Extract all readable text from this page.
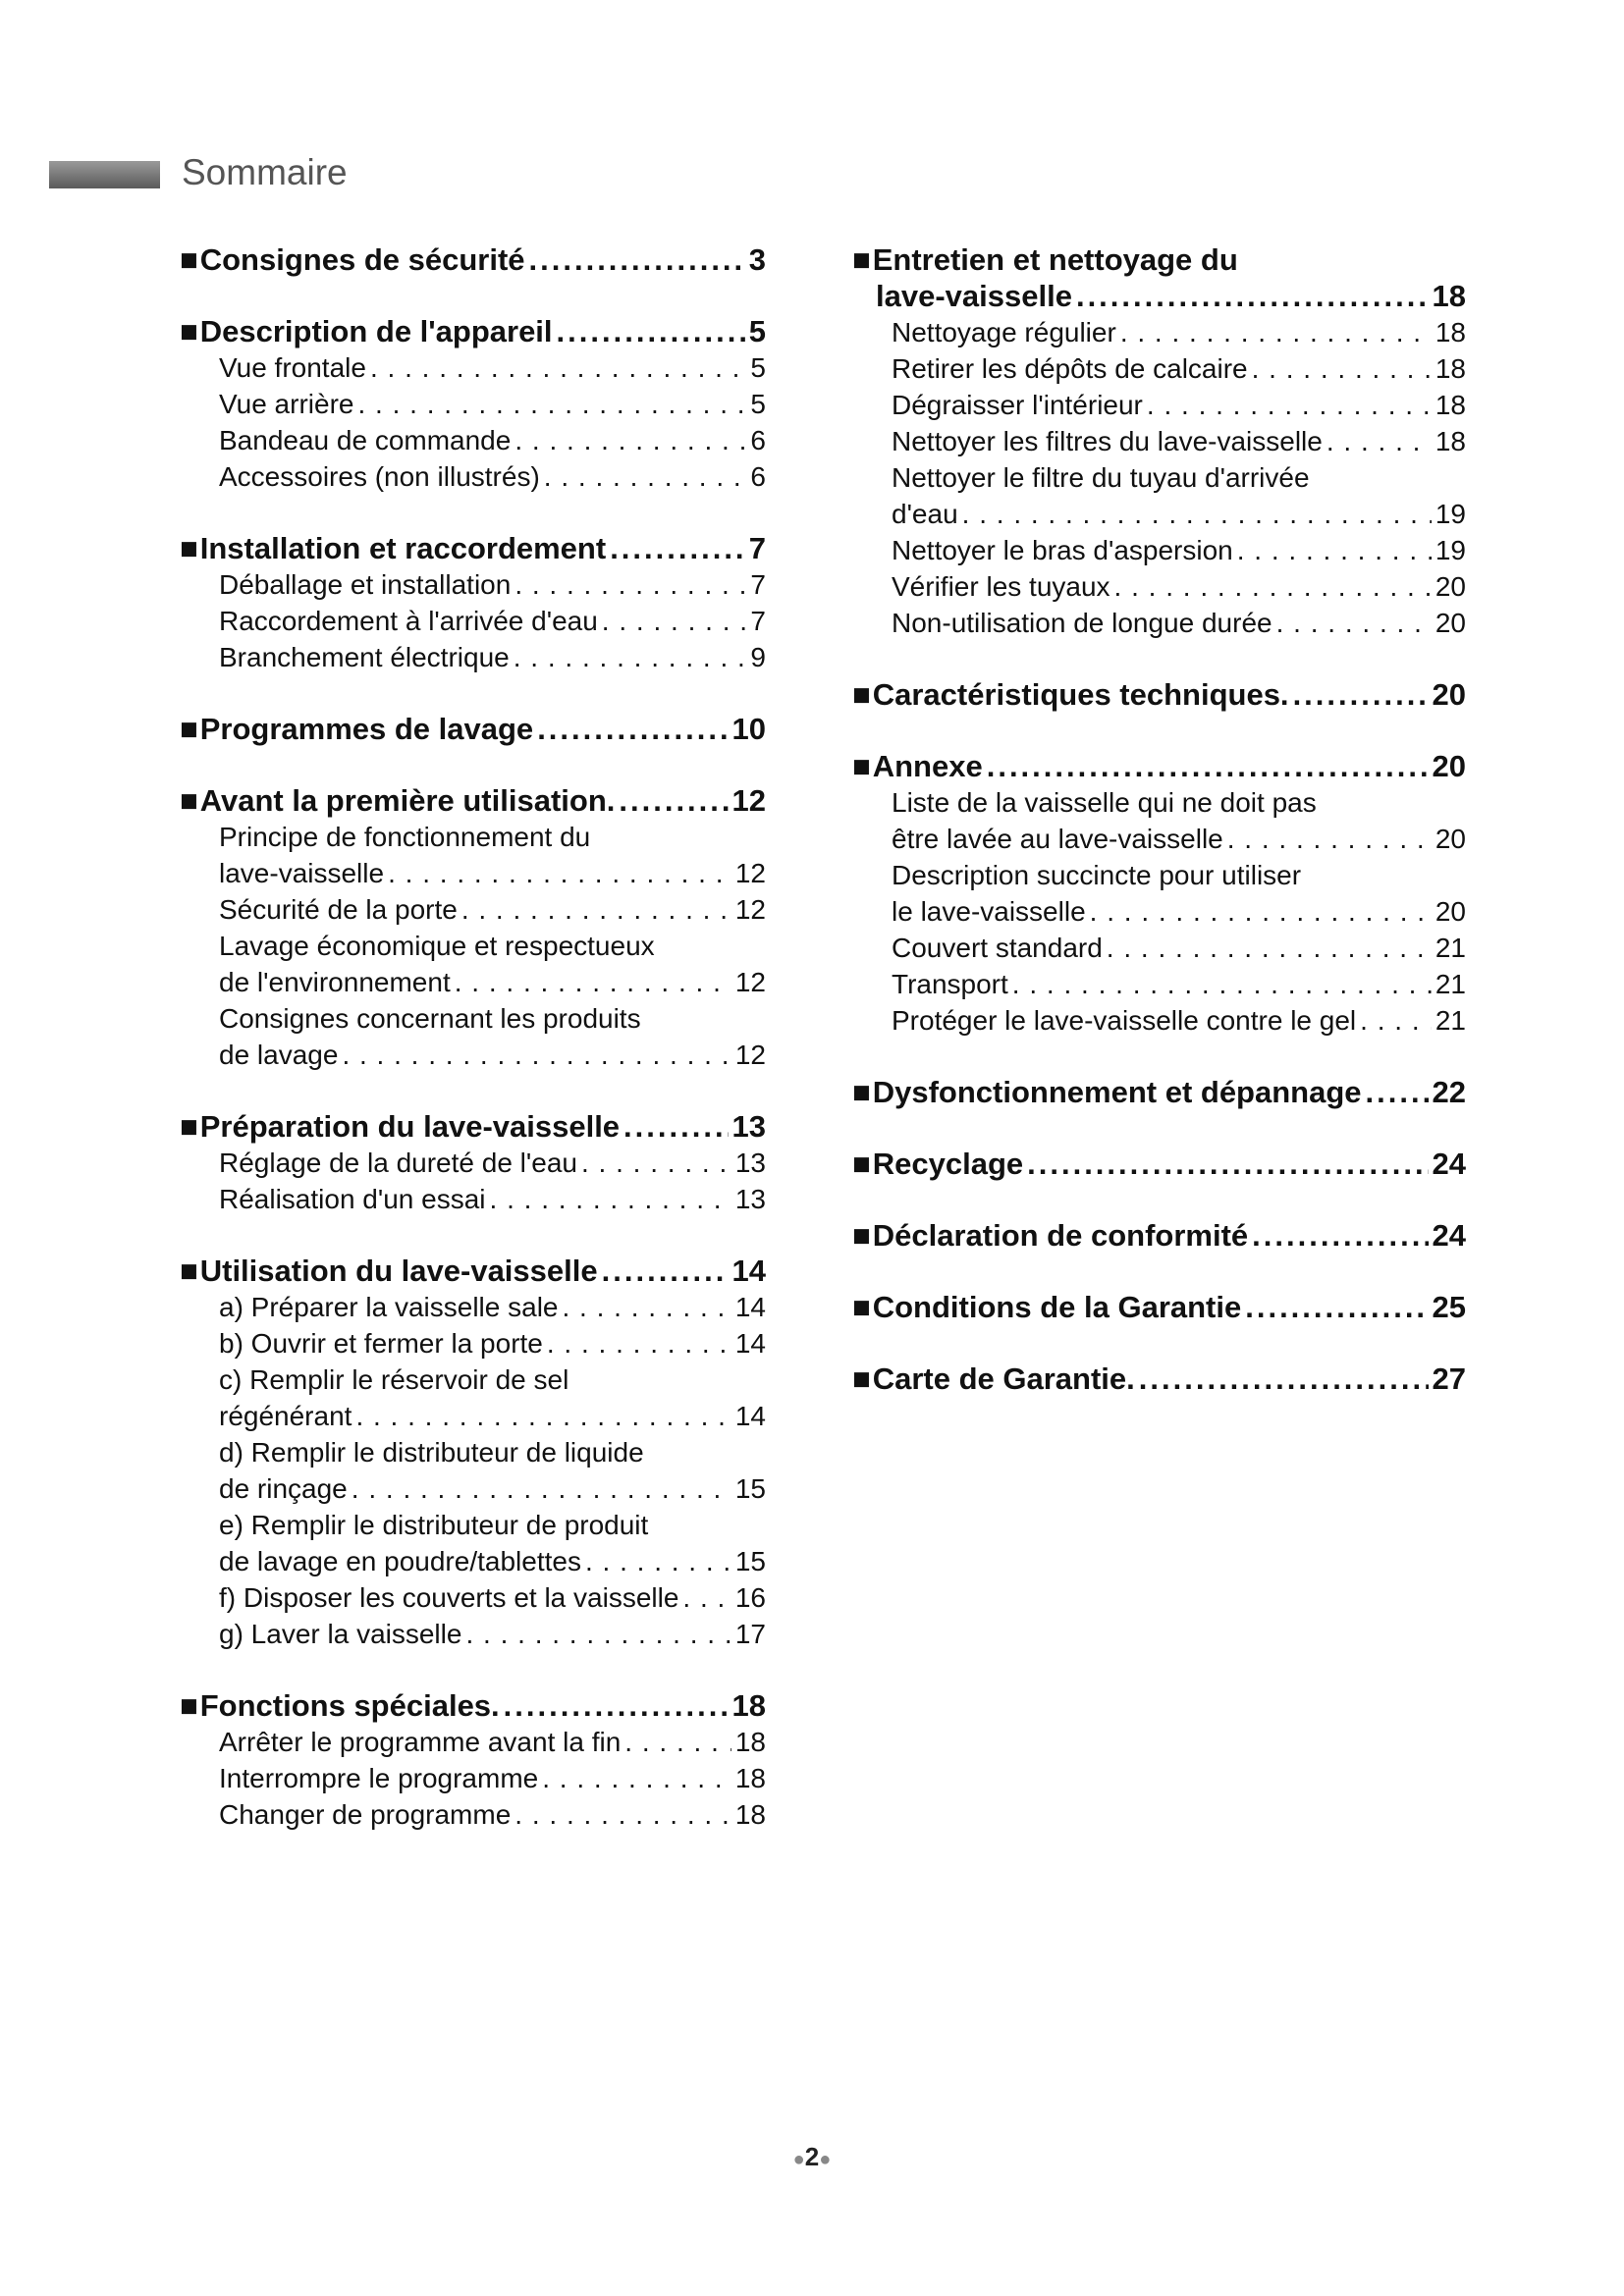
Sommaire
■ Consignes de sécurité .....	3
■ Description de l'appareil .....	5
Vue frontale . . .	5
Vue arrière . . .	5
Bandeau de commande . . .	6
Accessoires (non illustrés) . . .	6
■ Installation et raccordement .....	7
Déballage et installation . . .	7
Raccordement à l'arrivée d'eau . . .	7
Branchement électrique . . .	9
■ Programmes de lavage .....	10
■ Avant la première utilisation. .....	12
Principe de fonctionnement du
lave-vaisselle . . .	12
Sécurité de la porte . . .	12
Lavage économique et respectueux
de l'environnement . . .	12
Consignes concernant les produits
de lavage . . .	12
■ Préparation du lave-vaisselle .....	13
Réglage de la dureté de l'eau . . .	13
Réalisation d'un essai . . .	13
■ Utilisation du lave-vaisselle .....	14
a) Préparer la vaisselle sale . . .	14
b) Ouvrir et fermer la porte . . .	14
c) Remplir le réservoir de sel
régénérant . . .	14
d) Remplir le distributeur de liquide
de rinçage . . .	15
e) Remplir le distributeur de produit
de lavage en poudre/tablettes . . .	15
f) Disposer les couverts et la vaisselle . . . 16
g) Laver la vaisselle . . .	17
■ Fonctions spéciales. .....	18
Arrêter le programme avant la fin . . .	18
Interrompre le programme . . .	18
Changer de programme . . .	18
■ Entretien et nettoyage du
lave-vaisselle .....	18
Nettoyage régulier . . .	18
Retirer les dépôts de calcaire . . .	18
Dégraisser l'intérieur . . .	18
Nettoyer les filtres du lave-vaisselle . . .	18
Nettoyer le filtre du tuyau d'arrivée
d'eau . . .	19
Nettoyer le bras d'aspersion . . .	19
Vérifier les tuyaux . . .	20
Non-utilisation de longue durée . . .	20
■ Caractéristiques techniques. .....	20
■ Annexe .....	20
Liste de la vaisselle qui ne doit pas
être lavée au lave-vaisselle . . .	20
Description succincte pour utiliser
le lave-vaisselle . . .	20
Couvert standard . . .	21
Transport . . .	21
Protéger le lave-vaisselle contre le gel . . .	21
■ Dysfonctionnement et dépannage ..... 22
■ Recyclage .....	24
■ Déclaration de conformité .....	24
■ Conditions de la Garantie .....	25
■ Carte de Garantie. .....	27
●2●
